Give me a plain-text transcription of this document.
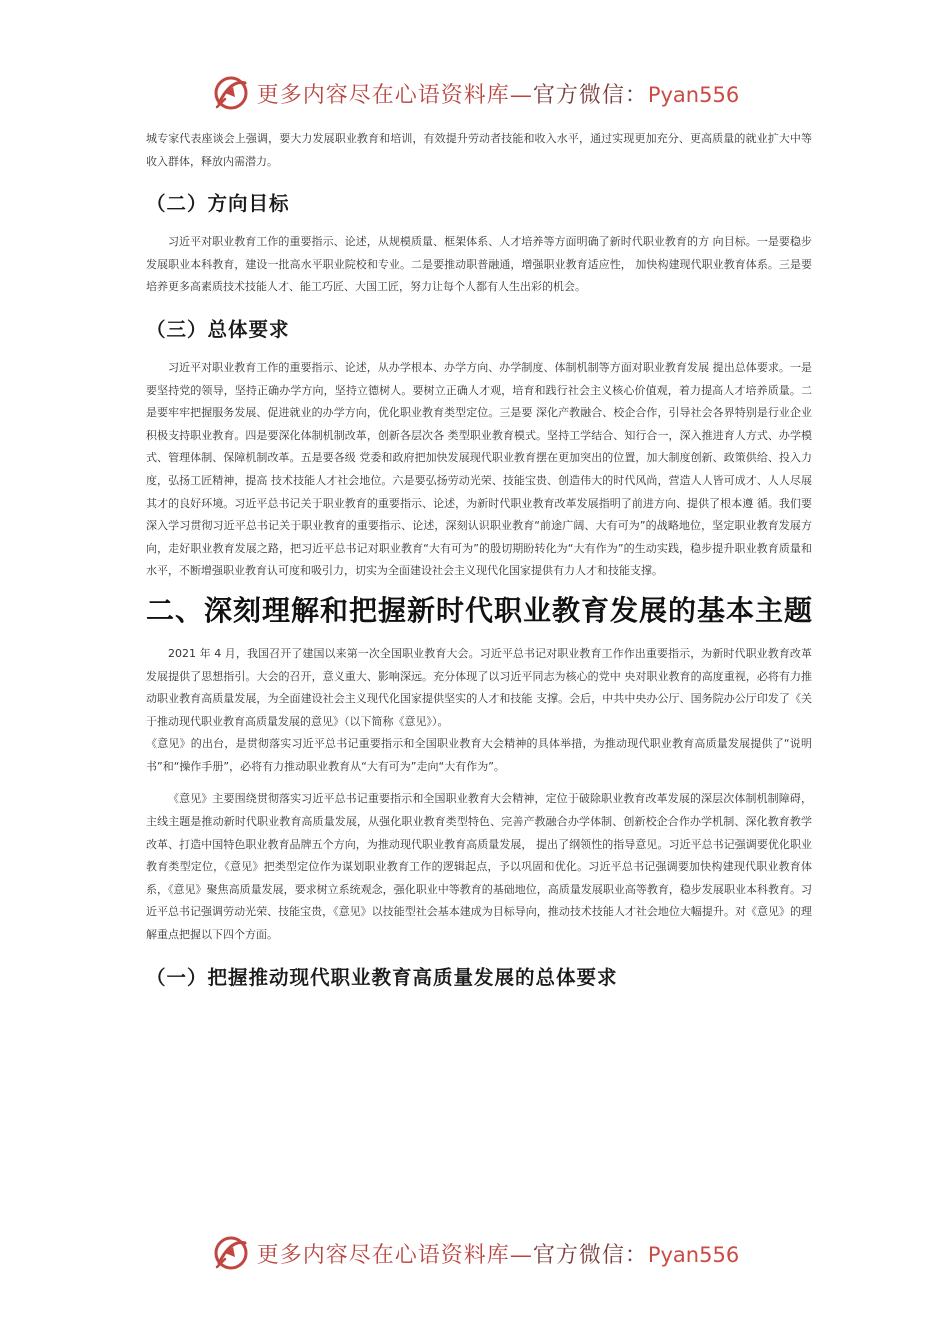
更多内容尽在心语资料库—官方微信：Pyan556

城专家代表座谈会上强调，要大力发展职业教育和培训，有效提升劳动者技能和收入水平，通过实现更加充分、更高质量的就业扩大中等收入群体，释放内需潜力。

（二）方向目标

习近平对职业教育工作的重要指示、论述，从规模质量、框架体系、人才培养等方面明确了新时代职业教育的方 向目标。一是要稳步发展职业本科教育，建设一批高水平职业院校和专业。二是要推动职普融通，增强职业教育适应性， 加快构建现代职业教育体系。三是要培养更多高素质技术技能人才、能工巧匠、大国工匠，努力让每个人都有人生出彩的机会。

（三）总体要求

习近平对职业教育工作的重要指示、论述，从办学根本、办学方向、办学制度、体制机制等方面对职业教育发展 提出总体要求。一是要坚持党的领导，坚持正确办学方向，坚持立德树人。要树立正确人才观，培育和践行社会主义核心价值观，着力提高人才培养质量。二是要牢牢把握服务发展、促进就业的办学方向，优化职业教育类型定位。三是要 深化产教融合、校企合作，引导社会各界特别是行业企业积极支持职业教育。四是要深化体制机制改革，创新各层次各 类型职业教育模式。坚持工学结合、知行合一，深入推进育人方式、办学模式、管理体制、保障机制改革。五是要各级 党委和政府把加快发展现代职业教育摆在更加突出的位置，加大制度创新、政策供给、投入力度，弘扬工匠精神，提高 技术技能人才社会地位。六是要弘扬劳动光荣、技能宝贵、创造伟大的时代风尚，营造人人皆可成才、人人尽展其才的良好环境。习近平总书记关于职业教育的重要指示、论述，为新时代职业教育改革发展指明了前进方向、提供了根本遵 循。我们要深入学习贯彻习近平总书记关于职业教育的重要指示、论述，深刻认识职业教育“前途广阔、大有可为”的战略地位，坚定职业教育发展方向，走好职业教育发展之路，把习近平总书记对职业教育“大有可为”的殷切期盼转化为“大有作为”的生动实践，稳步提升职业教育质量和水平，不断增强职业教育认可度和吸引力，切实为全面建设社会主义现代化国家提供有力人才和技能支撑。

二、深刻理解和把握新时代职业教育发展的基本主题

2021 年 4 月，我国召开了建国以来第一次全国职业教育大会。习近平总书记对职业教育工作作出重要指示，为新时代职业教育改革发展提供了思想指引。大会的召开，意义重大、影响深远。充分体现了以习近平同志为核心的党中 央对职业教育的高度重视，必将有力推动职业教育高质量发展，为全面建设社会主义现代化国家提供坚实的人才和技能 支撑。会后，中共中央办公厅、国务院办公厅印发了《关于推动现代职业教育高质量发展的意见》（以下简称《意见》）。

《意见》的出台，是贯彻落实习近平总书记重要指示和全国职业教育大会精神的具体举措，为推动现代职业教育高质量发展提供了“说明书”和“操作手册”，必将有力推动职业教育从“大有可为”走向“大有作为”。

《意见》主要围绕贯彻落实习近平总书记重要指示和全国职业教育大会精神，定位于破除职业教育改革发展的深层次体制机制障碍，主线主题是推动新时代职业教育高质量发展，从强化职业教育类型特色、完善产教融合办学体制、创新校企合作办学机制、深化教育教学改革、打造中国特色职业教育品牌五个方向，为推动现代职业教育高质量发展， 提出了纲领性的指导意见。习近平总书记强调要优化职业教育类型定位，《意见》把类型定位作为谋划职业教育工作的逻辑起点，予以巩固和优化。习近平总书记强调要加快构建现代职业教育体系，《意见》聚焦高质量发展，要求树立系统观念，强化职业中等教育的基础地位，高质量发展职业高等教育，稳步发展职业本科教育。习近平总书记强调劳动光荣、技能宝贵，《意见》以技能型社会基本建成为目标导向，推动技术技能人才社会地位大幅提升。对《意见》的理解重点把握以下四个方面。

（一）把握推动现代职业教育高质量发展的总体要求
更多内容尽在心语资料库—官方微信：Pyan556
